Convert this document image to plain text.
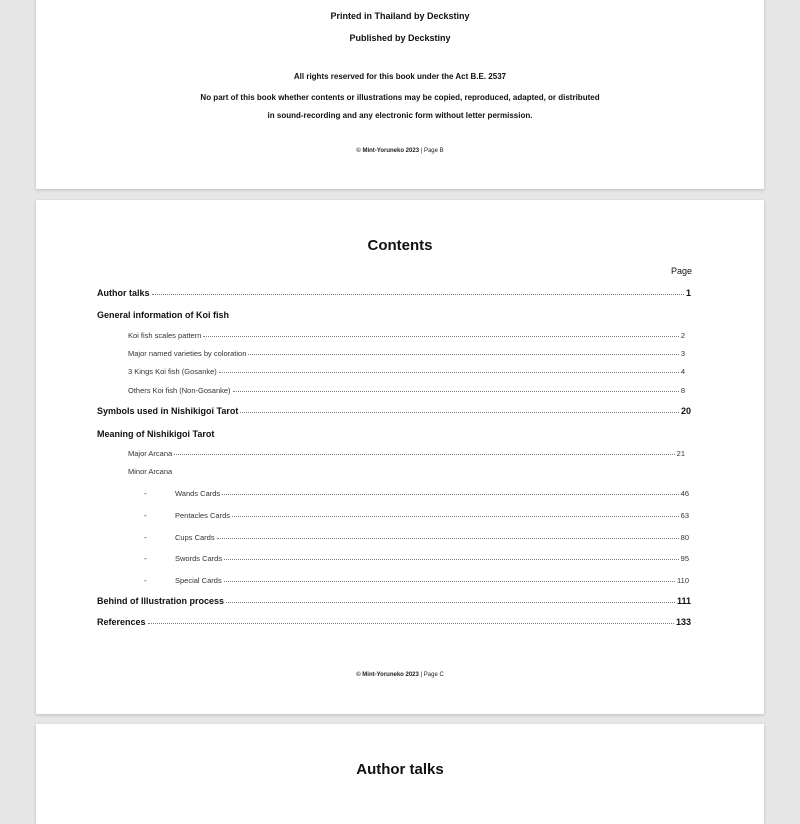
Printed in Thailand by Deckstiny
Published by Deckstiny
All rights reserved for this book under the Act B.E. 2537
No part of this book whether contents or illustrations may be copied, reproduced, adapted, or distributed
in sound-recording and any electronic form without letter permission.
© Mint-Yoruneko 2023 | Page B
Contents
Page
Author talks	1
General information of Koi fish
Koi fish scales pattern	2
Major named varieties by coloration	3
3 Kings Koi fish (Gosanke)	4
Others Koi fish (Non-Gosanke)	8
Symbols used in Nishikigoi Tarot	20
Meaning of Nishikigoi Tarot
Major Arcana	21
Minor Arcana
-	Wands Cards	46
-	Pentacles Cards	63
-	Cups Cards	80
-	Swords Cards	95
-	Special Cards	110
Behind of Illustration process	111
References	133
© Mint-Yoruneko 2023 | Page C
Author talks
